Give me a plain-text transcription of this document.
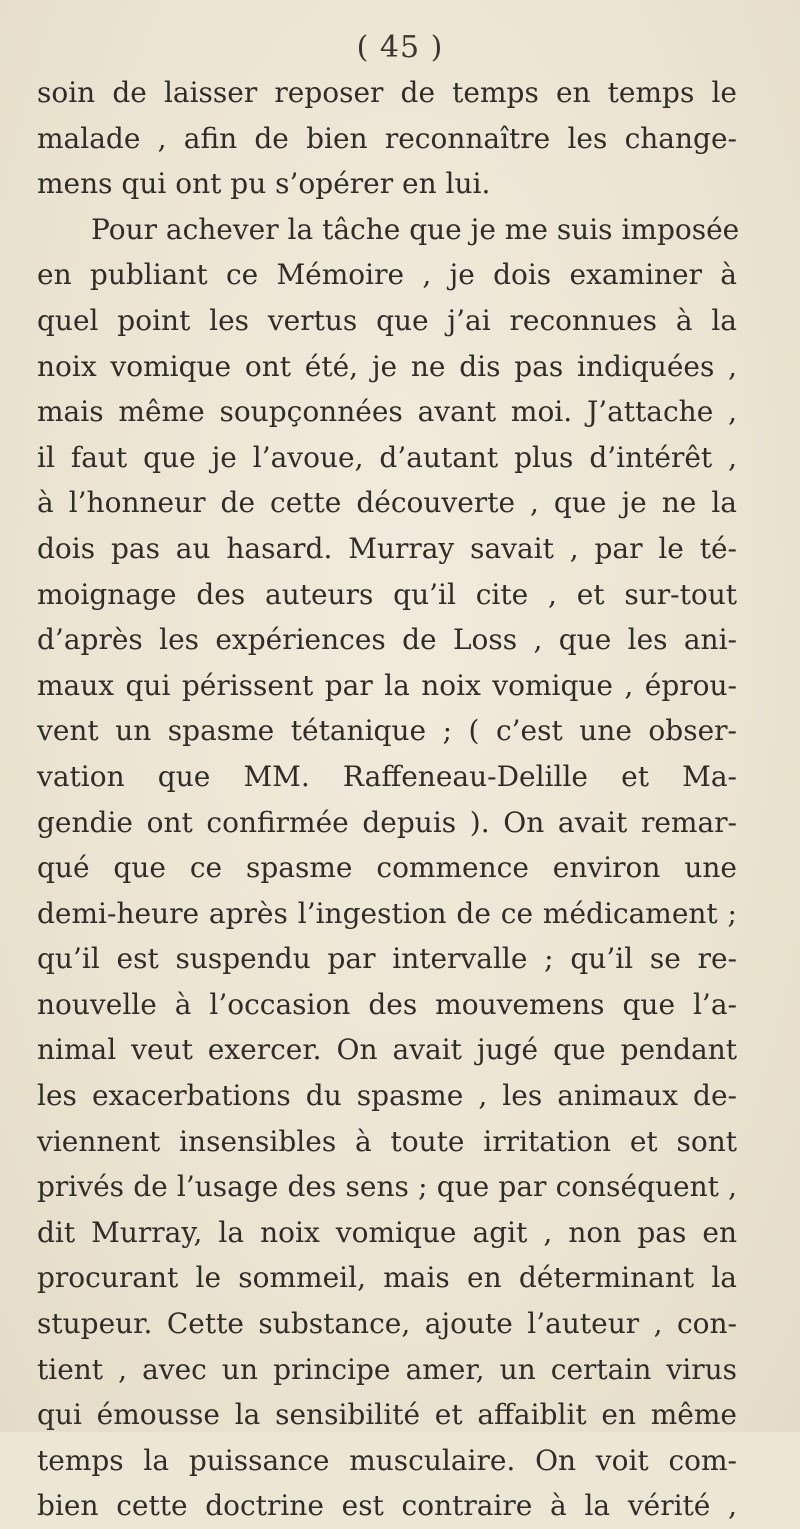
( 45 )
soin de laisser reposer de temps en temps le
malade , afin de bien reconnaître les change-
mens qui ont pu s’opérer en lui.
Pour achever la tâche que je me suis imposée
en publiant ce Mémoire , je dois examiner à
quel point les vertus que j’ai reconnues à la
noix vomique ont été, je ne dis pas indiquées ,
mais même soupçonnées avant moi. J’attache ,
il faut que je l’avoue, d’autant plus d’intérêt ,
à l’honneur de cette découverte , que je ne la
dois pas au hasard. Murray savait , par le té-
moignage des auteurs qu’il cite , et sur-tout
d’après les expériences de Loss , que les ani-
maux qui périssent par la noix vomique , éprou-
vent un spasme tétanique ; ( c’est une obser-
vation que MM. Raffeneau-Delille et Ma-
gendie ont confirmée depuis ). On avait remar-
qué que ce spasme commence environ une
demi-heure après l’ingestion de ce médicament ;
qu’il est suspendu par intervalle ; qu’il se re-
nouvelle à l’occasion des mouvemens que l’a-
nimal veut exercer. On avait jugé que pendant
les exacerbations du spasme , les animaux de-
viennent insensibles à toute irritation et sont
privés de l’usage des sens ; que par conséquent ,
dit Murray, la noix vomique agit , non pas en
procurant le sommeil, mais en déterminant la
stupeur. Cette substance, ajoute l’auteur , con-
tient , avec un principe amer, un certain virus
qui émousse la sensibilité et affaiblit en même
temps la puissance musculaire. On voit com-
bien cette doctrine est contraire à la vérité ,
